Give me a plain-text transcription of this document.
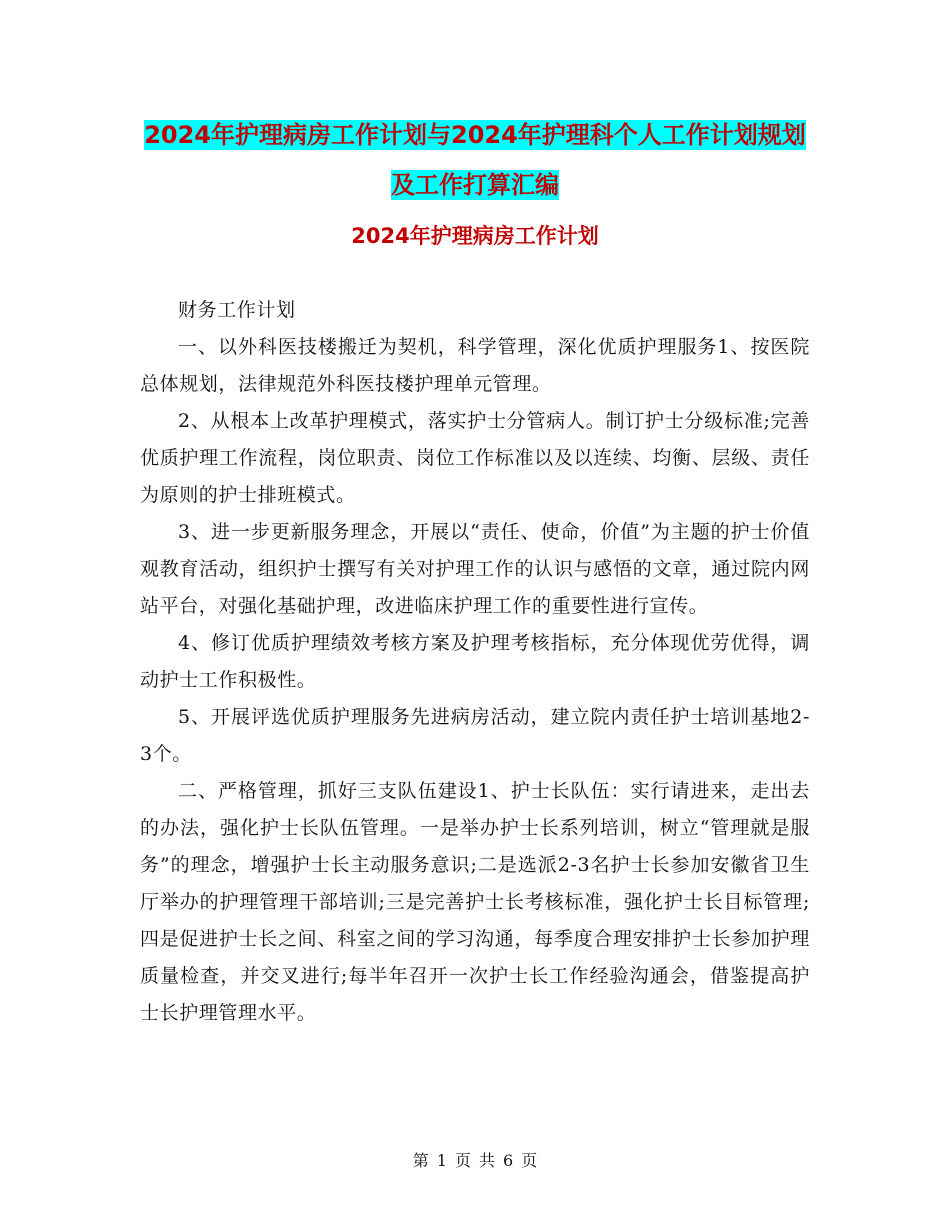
2024年护理病房工作计划与2024年护理科个人工作计划规划及工作打算汇编
2024年护理病房工作计划

财务工作计划

一、以外科医技楼搬迁为契机，科学管理，深化优质护理服务1、按医院总体规划，法律规范外科医技楼护理单元管理。

2、从根本上改革护理模式，落实护士分管病人。制订护士分级标准;完善优质护理工作流程，岗位职责、岗位工作标准以及以连续、均衡、层级、责任为原则的护士排班模式。

3、进一步更新服务理念，开展以“责任、使命，价值”为主题的护士价值观教育活动，组织护士撰写有关对护理工作的认识与感悟的文章，通过院内网站平台，对强化基础护理，改进临床护理工作的重要性进行宣传。

4、修订优质护理绩效考核方案及护理考核指标，充分体现优劳优得，调动护士工作积极性。

5、开展评选优质护理服务先进病房活动，建立院内责任护士培训基地2-3个。

二、严格管理，抓好三支队伍建设1、护士长队伍：实行请进来，走出去的办法，强化护士长队伍管理。一是举办护士长系列培训，树立“管理就是服务”的理念，增强护士长主动服务意识;二是选派2-3名护士长参加安徽省卫生厅举办的护理管理干部培训;三是完善护士长考核标准，强化护士长目标管理;四是促进护士长之间、科室之间的学习沟通，每季度合理安排护士长参加护理质量检查，并交叉进行;每半年召开一次护士长工作经验沟通会，借鉴提高护士长护理管理水平。

第 1 页 共 6 页
